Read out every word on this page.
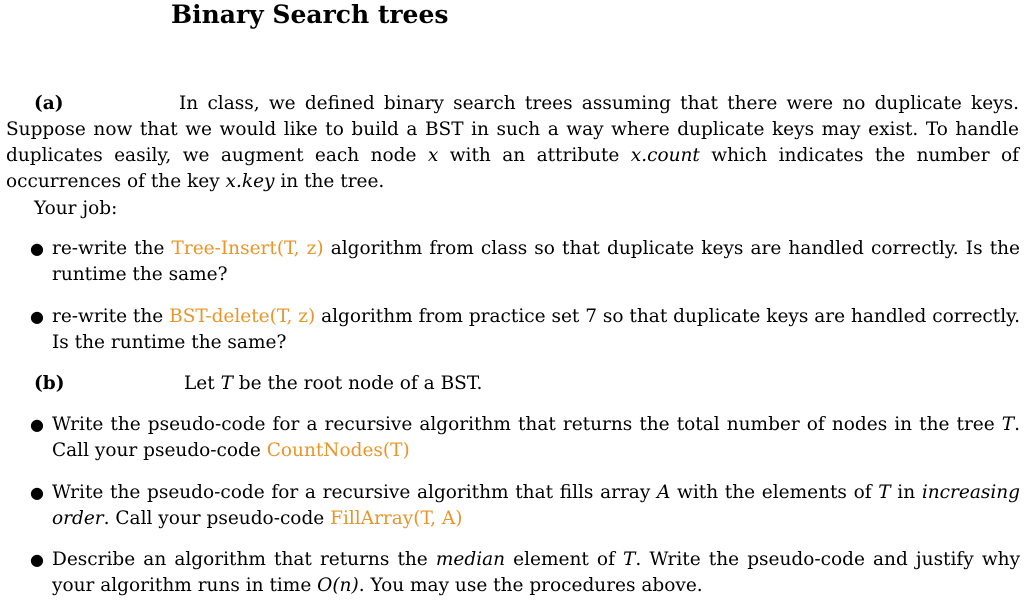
Binary Search trees
(a)	In class, we defined binary search trees assuming that there were no duplicate keys. Suppose now that we would like to build a BST in such a way where duplicate keys may exist. To handle duplicates easily, we augment each node x with an attribute x.count which indicates the number of occurrences of the key x.key in the tree.
Your job:
● re-write the Tree-Insert(T, z) algorithm from class so that duplicate keys are handled correctly. Is the runtime the same?
● re-write the BST-delete(T, z) algorithm from practice set 7 so that duplicate keys are handled correctly. Is the runtime the same?
(b)	Let T be the root node of a BST.
● Write the pseudo-code for a recursive algorithm that returns the total number of nodes in the tree T. Call your pseudo-code CountNodes(T)
● Write the pseudo-code for a recursive algorithm that fills array A with the elements of T in increasing order. Call your pseudo-code FillArray(T, A)
● Describe an algorithm that returns the median element of T. Write the pseudo-code and justify why your algorithm runs in time O(n). You may use the procedures above.
